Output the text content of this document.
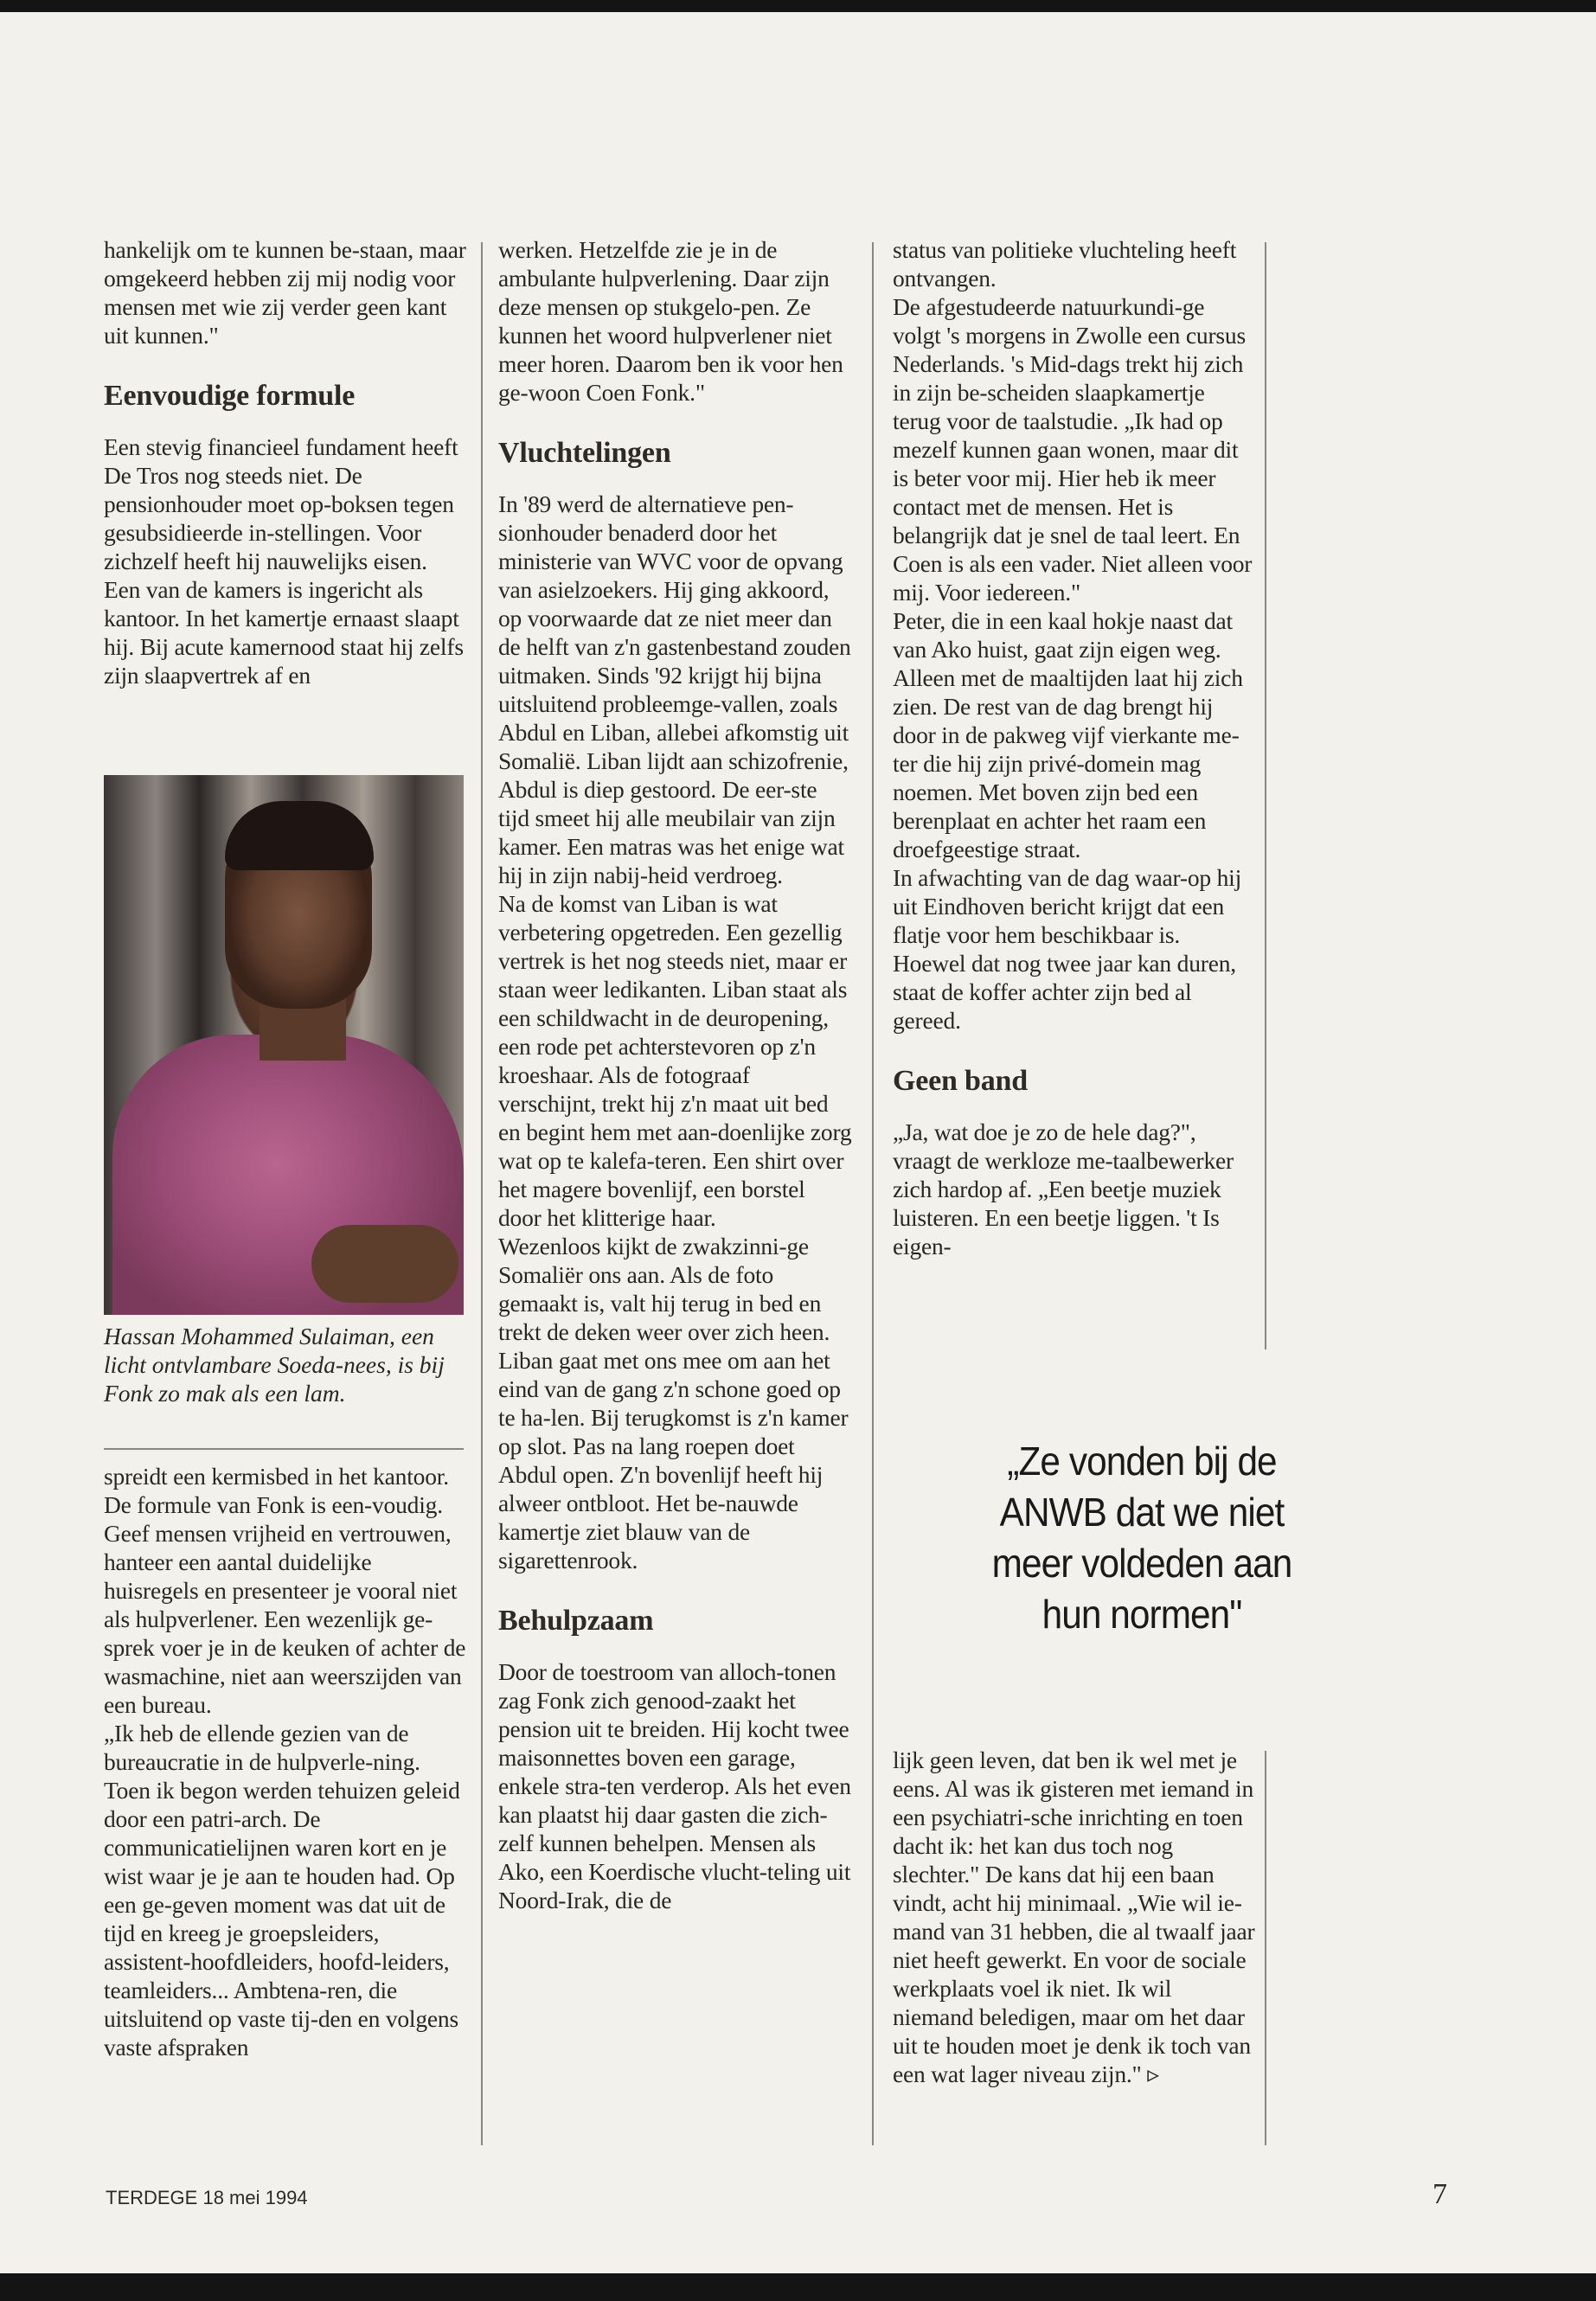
hankelijk om te kunnen be-staan, maar omgekeerd hebben zij mij nodig voor mensen met wie zij verder geen kant uit kunnen."

Eenvoudige formule

Een stevig financieel fundament heeft De Tros nog steeds niet. De pensionhouder moet op-boksen tegen gesubsidieerde in-stellingen. Voor zichzelf heeft hij nauwelijks eisen. Een van de kamers is ingericht als kantoor. In het kamertje ernaast slaapt hij. Bij acute kamernood staat hij zelfs zijn slaapvertrek af en

Hassan Mohammed Sulaiman, een licht ontvlambare Soeda-nees, is bij Fonk zo mak als een lam.

spreidt een kermisbed in het kantoor.

De formule van Fonk is een-voudig. Geef mensen vrijheid en vertrouwen, hanteer een aantal duidelijke huisregels en presenteer je vooral niet als hulpverlener. Een wezenlijk ge-sprek voer je in de keuken of achter de wasmachine, niet aan weerszijden van een bureau.

„Ik heb de ellende gezien van de bureaucratie in de hulpverle-ning. Toen ik begon werden tehuizen geleid door een patri-arch. De communicatielijnen waren kort en je wist waar je je aan te houden had. Op een ge-geven moment was dat uit de tijd en kreeg je groepsleiders, assistent-hoofdleiders, hoofd-leiders, teamleiders... Ambtena-ren, die uitsluitend op vaste tij-den en volgens vaste afspraken

werken. Hetzelfde zie je in de ambulante hulpverlening. Daar zijn deze mensen op stukgelo-pen. Ze kunnen het woord hulpverlener niet meer horen. Daarom ben ik voor hen ge-woon Coen Fonk."

Vluchtelingen

In '89 werd de alternatieve pen-sionhouder benaderd door het ministerie van WVC voor de opvang van asielzoekers. Hij ging akkoord, op voorwaarde dat ze niet meer dan de helft van z'n gastenbestand zouden uitmaken. Sinds '92 krijgt hij bijna uitsluitend probleemge-vallen, zoals Abdul en Liban, allebei afkomstig uit Somalië. Liban lijdt aan schizofrenie, Abdul is diep gestoord. De eer-ste tijd smeet hij alle meubilair van zijn kamer. Een matras was het enige wat hij in zijn nabij-heid verdroeg.

Na de komst van Liban is wat verbetering opgetreden. Een gezellig vertrek is het nog steeds niet, maar er staan weer ledikanten. Liban staat als een schildwacht in de deuropening, een rode pet achterstevoren op z'n kroeshaar. Als de fotograaf verschijnt, trekt hij z'n maat uit bed en begint hem met aan-doenlijke zorg wat op te kalefa-teren. Een shirt over het magere bovenlijf, een borstel door het klitterige haar.

Wezenloos kijkt de zwakzinni-ge Somaliër ons aan. Als de foto gemaakt is, valt hij terug in bed en trekt de deken weer over zich heen. Liban gaat met ons mee om aan het eind van de gang z'n schone goed op te ha-len. Bij terugkomst is z'n kamer op slot. Pas na lang roepen doet Abdul open. Z'n bovenlijf heeft hij alweer ontbloot. Het be-nauwde kamertje ziet blauw van de sigarettenrook.

Behulpzaam

Door de toestroom van alloch-tonen zag Fonk zich genood-zaakt het pension uit te breiden. Hij kocht twee maisonnettes boven een garage, enkele stra-ten verderop. Als het even kan plaatst hij daar gasten die zich-zelf kunnen behelpen. Mensen als Ako, een Koerdische vlucht-teling uit Noord-Irak, die de

status van politieke vluchteling heeft ontvangen.

De afgestudeerde natuurkundi-ge volgt 's morgens in Zwolle een cursus Nederlands. 's Mid-dags trekt hij zich in zijn be-scheiden slaapkamertje terug voor de taalstudie. „Ik had op mezelf kunnen gaan wonen, maar dit is beter voor mij. Hier heb ik meer contact met de mensen. Het is belangrijk dat je snel de taal leert. En Coen is als een vader. Niet alleen voor mij. Voor iedereen."

Peter, die in een kaal hokje naast dat van Ako huist, gaat zijn eigen weg. Alleen met de maaltijden laat hij zich zien. De rest van de dag brengt hij door in de pakweg vijf vierkante me-ter die hij zijn privé-domein mag noemen. Met boven zijn bed een berenplaat en achter het raam een droefgeestige straat.

In afwachting van de dag waar-op hij uit Eindhoven bericht krijgt dat een flatje voor hem beschikbaar is. Hoewel dat nog twee jaar kan duren, staat de koffer achter zijn bed al gereed.

Geen band

„Ja, wat doe je zo de hele dag?", vraagt de werkloze me-taalbewerker zich hardop af. „Een beetje muziek luisteren. En een beetje liggen. 't Is eigen-

„Ze vonden bij de ANWB dat we niet meer voldeden aan hun normen"

lijk geen leven, dat ben ik wel met je eens. Al was ik gisteren met iemand in een psychiatri-sche inrichting en toen dacht ik: het kan dus toch nog slechter." De kans dat hij een baan vindt, acht hij minimaal. „Wie wil ie-mand van 31 hebben, die al twaalf jaar niet heeft gewerkt. En voor de sociale werkplaats voel ik niet. Ik wil niemand beledigen, maar om het daar uit te houden moet je denk ik toch van een wat lager niveau zijn." ▹

TERDEGE 18 mei 1994	7
